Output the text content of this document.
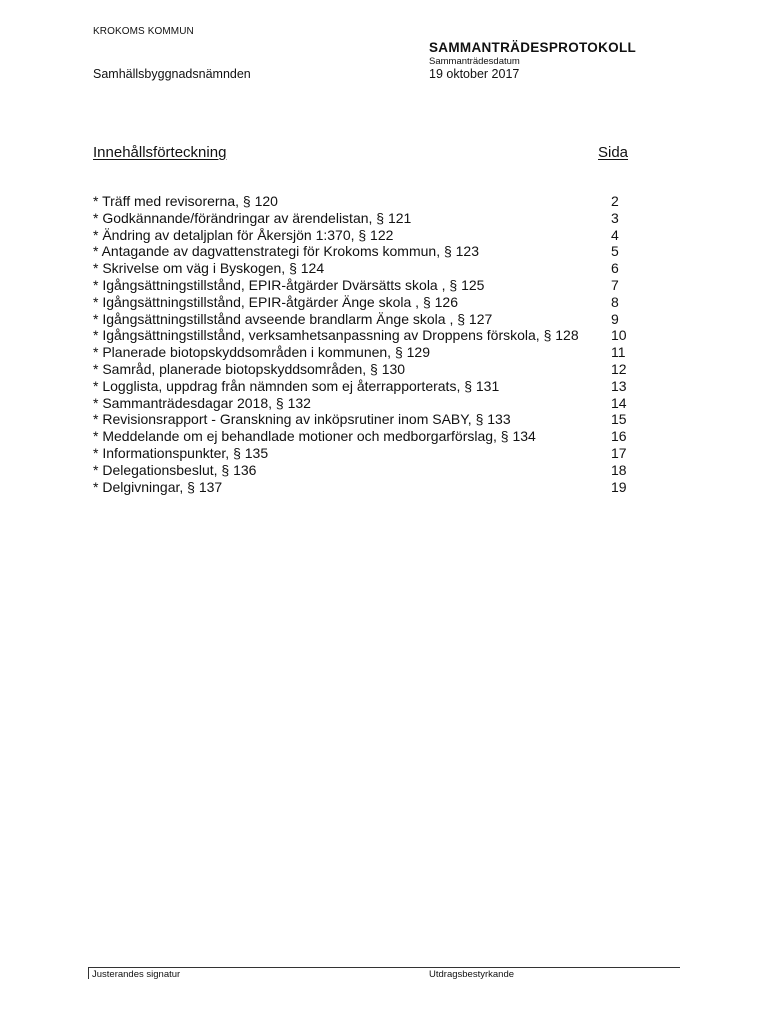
KROKOMS KOMMUN
SAMMANTRÄDESPROTOKOLL
Sammanträdesdatum
19 oktober 2017
Samhällsbyggnadsnämnden
Innehållsförteckning	Sida
* Träff med revisorerna, § 120	2
* Godkännande/förändringar av ärendelistan, § 121	3
* Ändring av detaljplan för Åkersjön 1:370, § 122	4
* Antagande av dagvattenstrategi för Krokoms kommun, § 123	5
* Skrivelse om väg i Byskogen, § 124	6
* Igångsättningstillstånd, EPIR-åtgärder Dvärsätts skola , § 125	7
* Igångsättningstillstånd, EPIR-åtgärder Änge skola , § 126	8
* Igångsättningstillstånd avseende brandlarm Änge skola , § 127	9
* Igångsättningstillstånd, verksamhetsanpassning av Droppens förskola, § 128	10
* Planerade biotopskyddsområden i kommunen, § 129	11
* Samråd, planerade biotopskyddsområden, § 130	12
* Logglista, uppdrag från nämnden som ej återrapporterats, § 131	13
* Sammanträdesdagar 2018, § 132	14
* Revisionsrapport - Granskning av inköpsrutiner inom SABY, § 133	15
* Meddelande om ej behandlade motioner och medborgarförslag, § 134	16
* Informationspunkter, § 135	17
* Delegationsbeslut, § 136	18
* Delgivningar, § 137	19
Justerandes signatur	Utdragsbestyrkande
